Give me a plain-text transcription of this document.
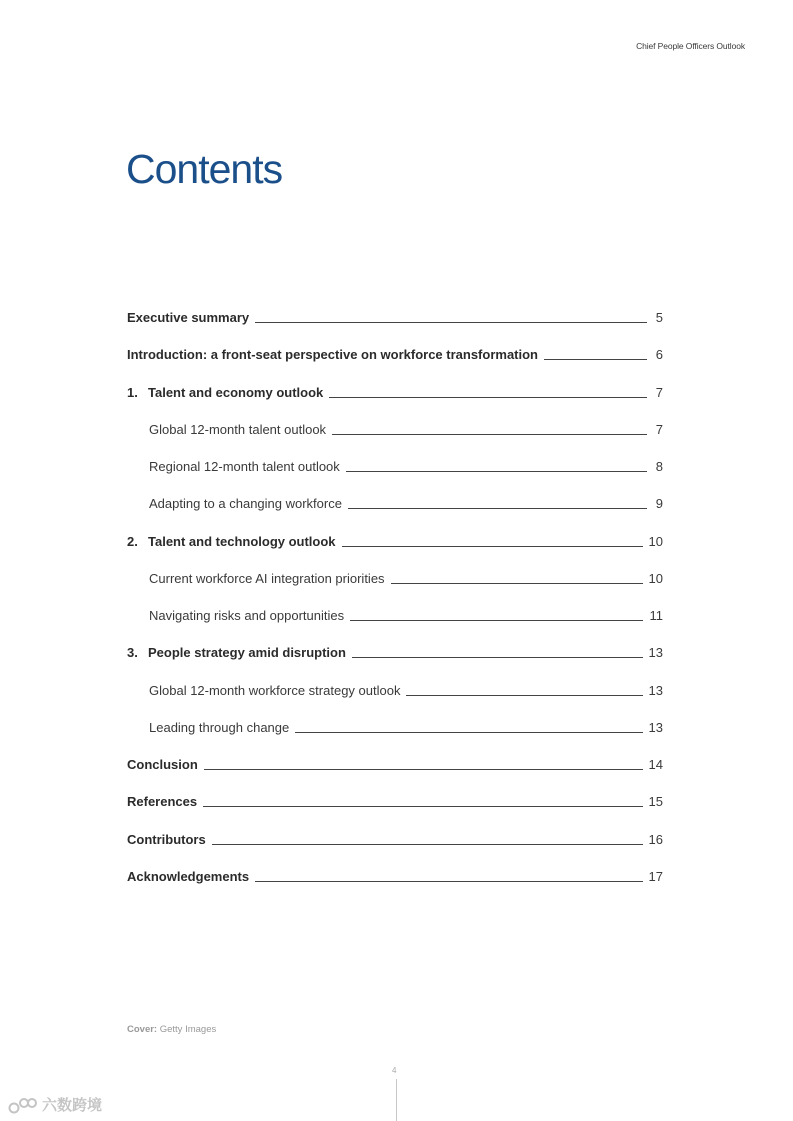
Chief People Officers Outlook
Contents
Executive summary	5
Introduction: a front-seat perspective on workforce transformation	6
1. Talent and economy outlook	7
Global 12-month talent outlook	7
Regional 12-month talent outlook	8
Adapting to a changing workforce	9
2. Talent and technology outlook	10
Current workforce AI integration priorities	10
Navigating risks and opportunities	11
3. People strategy amid disruption	13
Global 12-month workforce strategy outlook	13
Leading through change	13
Conclusion	14
References	15
Contributors	16
Acknowledgements	17
Cover: Getty Images
4
六数跨境
